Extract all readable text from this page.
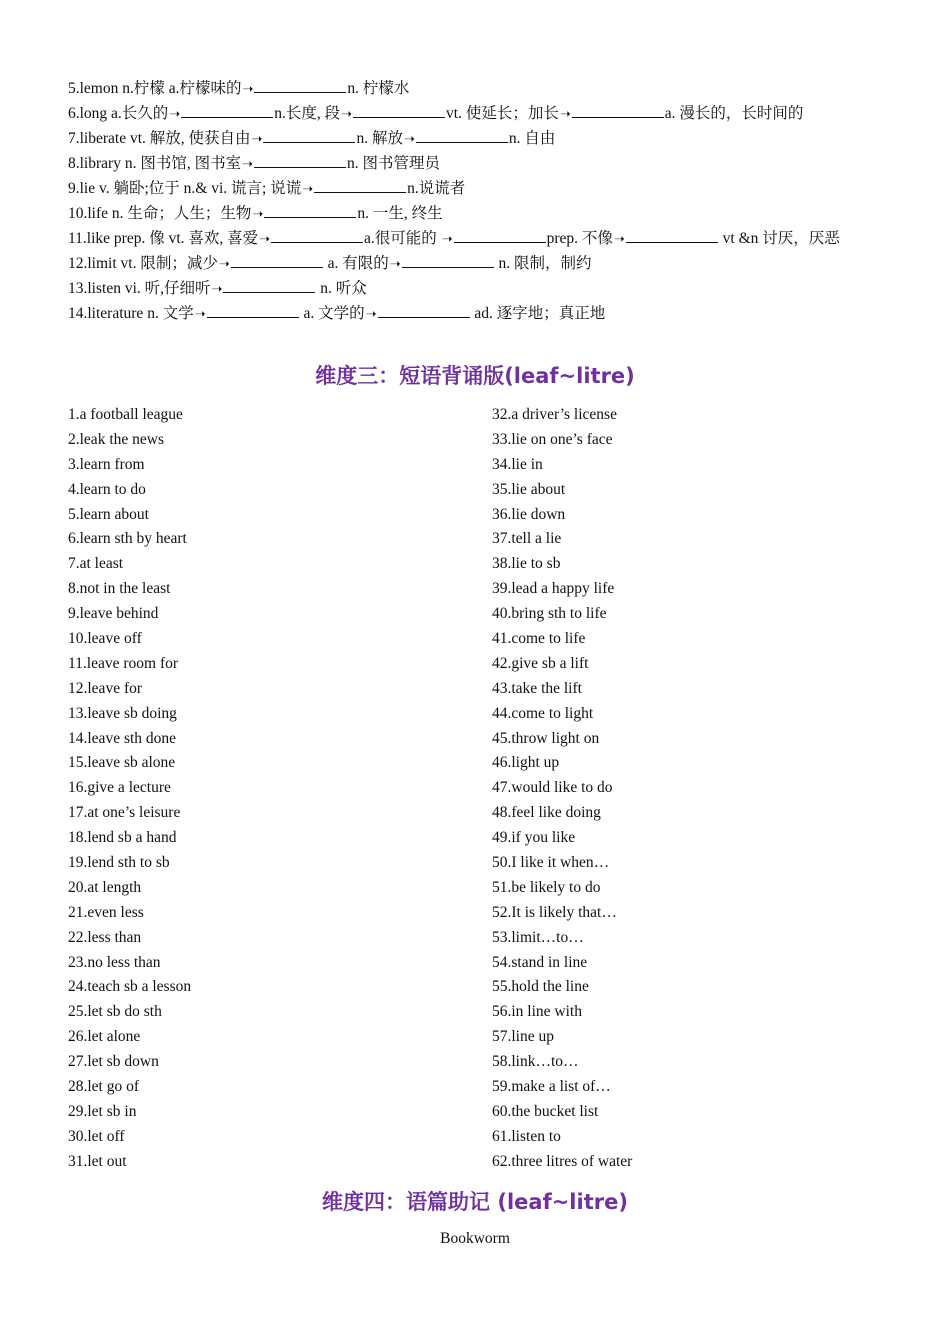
5.lemon n.柠檬 a.柠檬味的➝	n. 柠檬水
6.long a.长久的➝	n.长度, 段➝	vt. 使延长；加长➝	a. 漫长的，长时间的
7.liberate vt. 解放, 使获自由➝	n. 解放➝	n. 自由
8.library n. 图书馆, 图书室➝	n. 图书管理员
9.lie v. 躺卧;位于 n.& vi. 谎言; 说谎➝	n.说谎者
10.life n. 生命；人生；生物➝	n. 一生, 终生
11.like prep. 像 vt. 喜欢, 喜爱➝	a.很可能的 ➝	prep. 不像➝	vt &n 讨厌，厌恶
12.limit vt. 限制；减少➝	a. 有限的➝	n. 限制，制约
13.listen vi. 听,仔细听➝	n. 听众
14.literature n. 文学➝	a. 文学的➝	ad. 逐字地；真正地
维度三：短语背诵版(leaf~litre)
1.a football league
2.leak the news
3.learn from
4.learn to do
5.learn about
6.learn sth by heart
7.at least
8.not in the least
9.leave behind
10.leave off
11.leave room for
12.leave for
13.leave sb doing
14.leave sth done
15.leave sb alone
16.give a lecture
17.at one’s leisure
18.lend sb a hand
19.lend sth to sb
20.at length
21.even less
22.less than
23.no less than
24.teach sb a lesson
25.let sb do sth
26.let alone
27.let sb down
28.let go of
29.let sb in
30.let off
31.let out
32.a driver’s license
33.lie on one’s face
34.lie in
35.lie about
36.lie down
37.tell a lie
38.lie to sb
39.lead a happy life
40.bring sth to life
41.come to life
42.give sb a lift
43.take the lift
44.come to light
45.throw light on
46.light up
47.would like to do
48.feel like doing
49.if you like
50.I like it when…
51.be likely to do
52.It is likely that…
53.limit…to…
54.stand in line
55.hold the line
56.in line with
57.line up
58.link…to…
59.make a list of…
60.the bucket list
61.listen to
62.three litres of water
维度四：语篇助记 (leaf~litre)
Bookworm
